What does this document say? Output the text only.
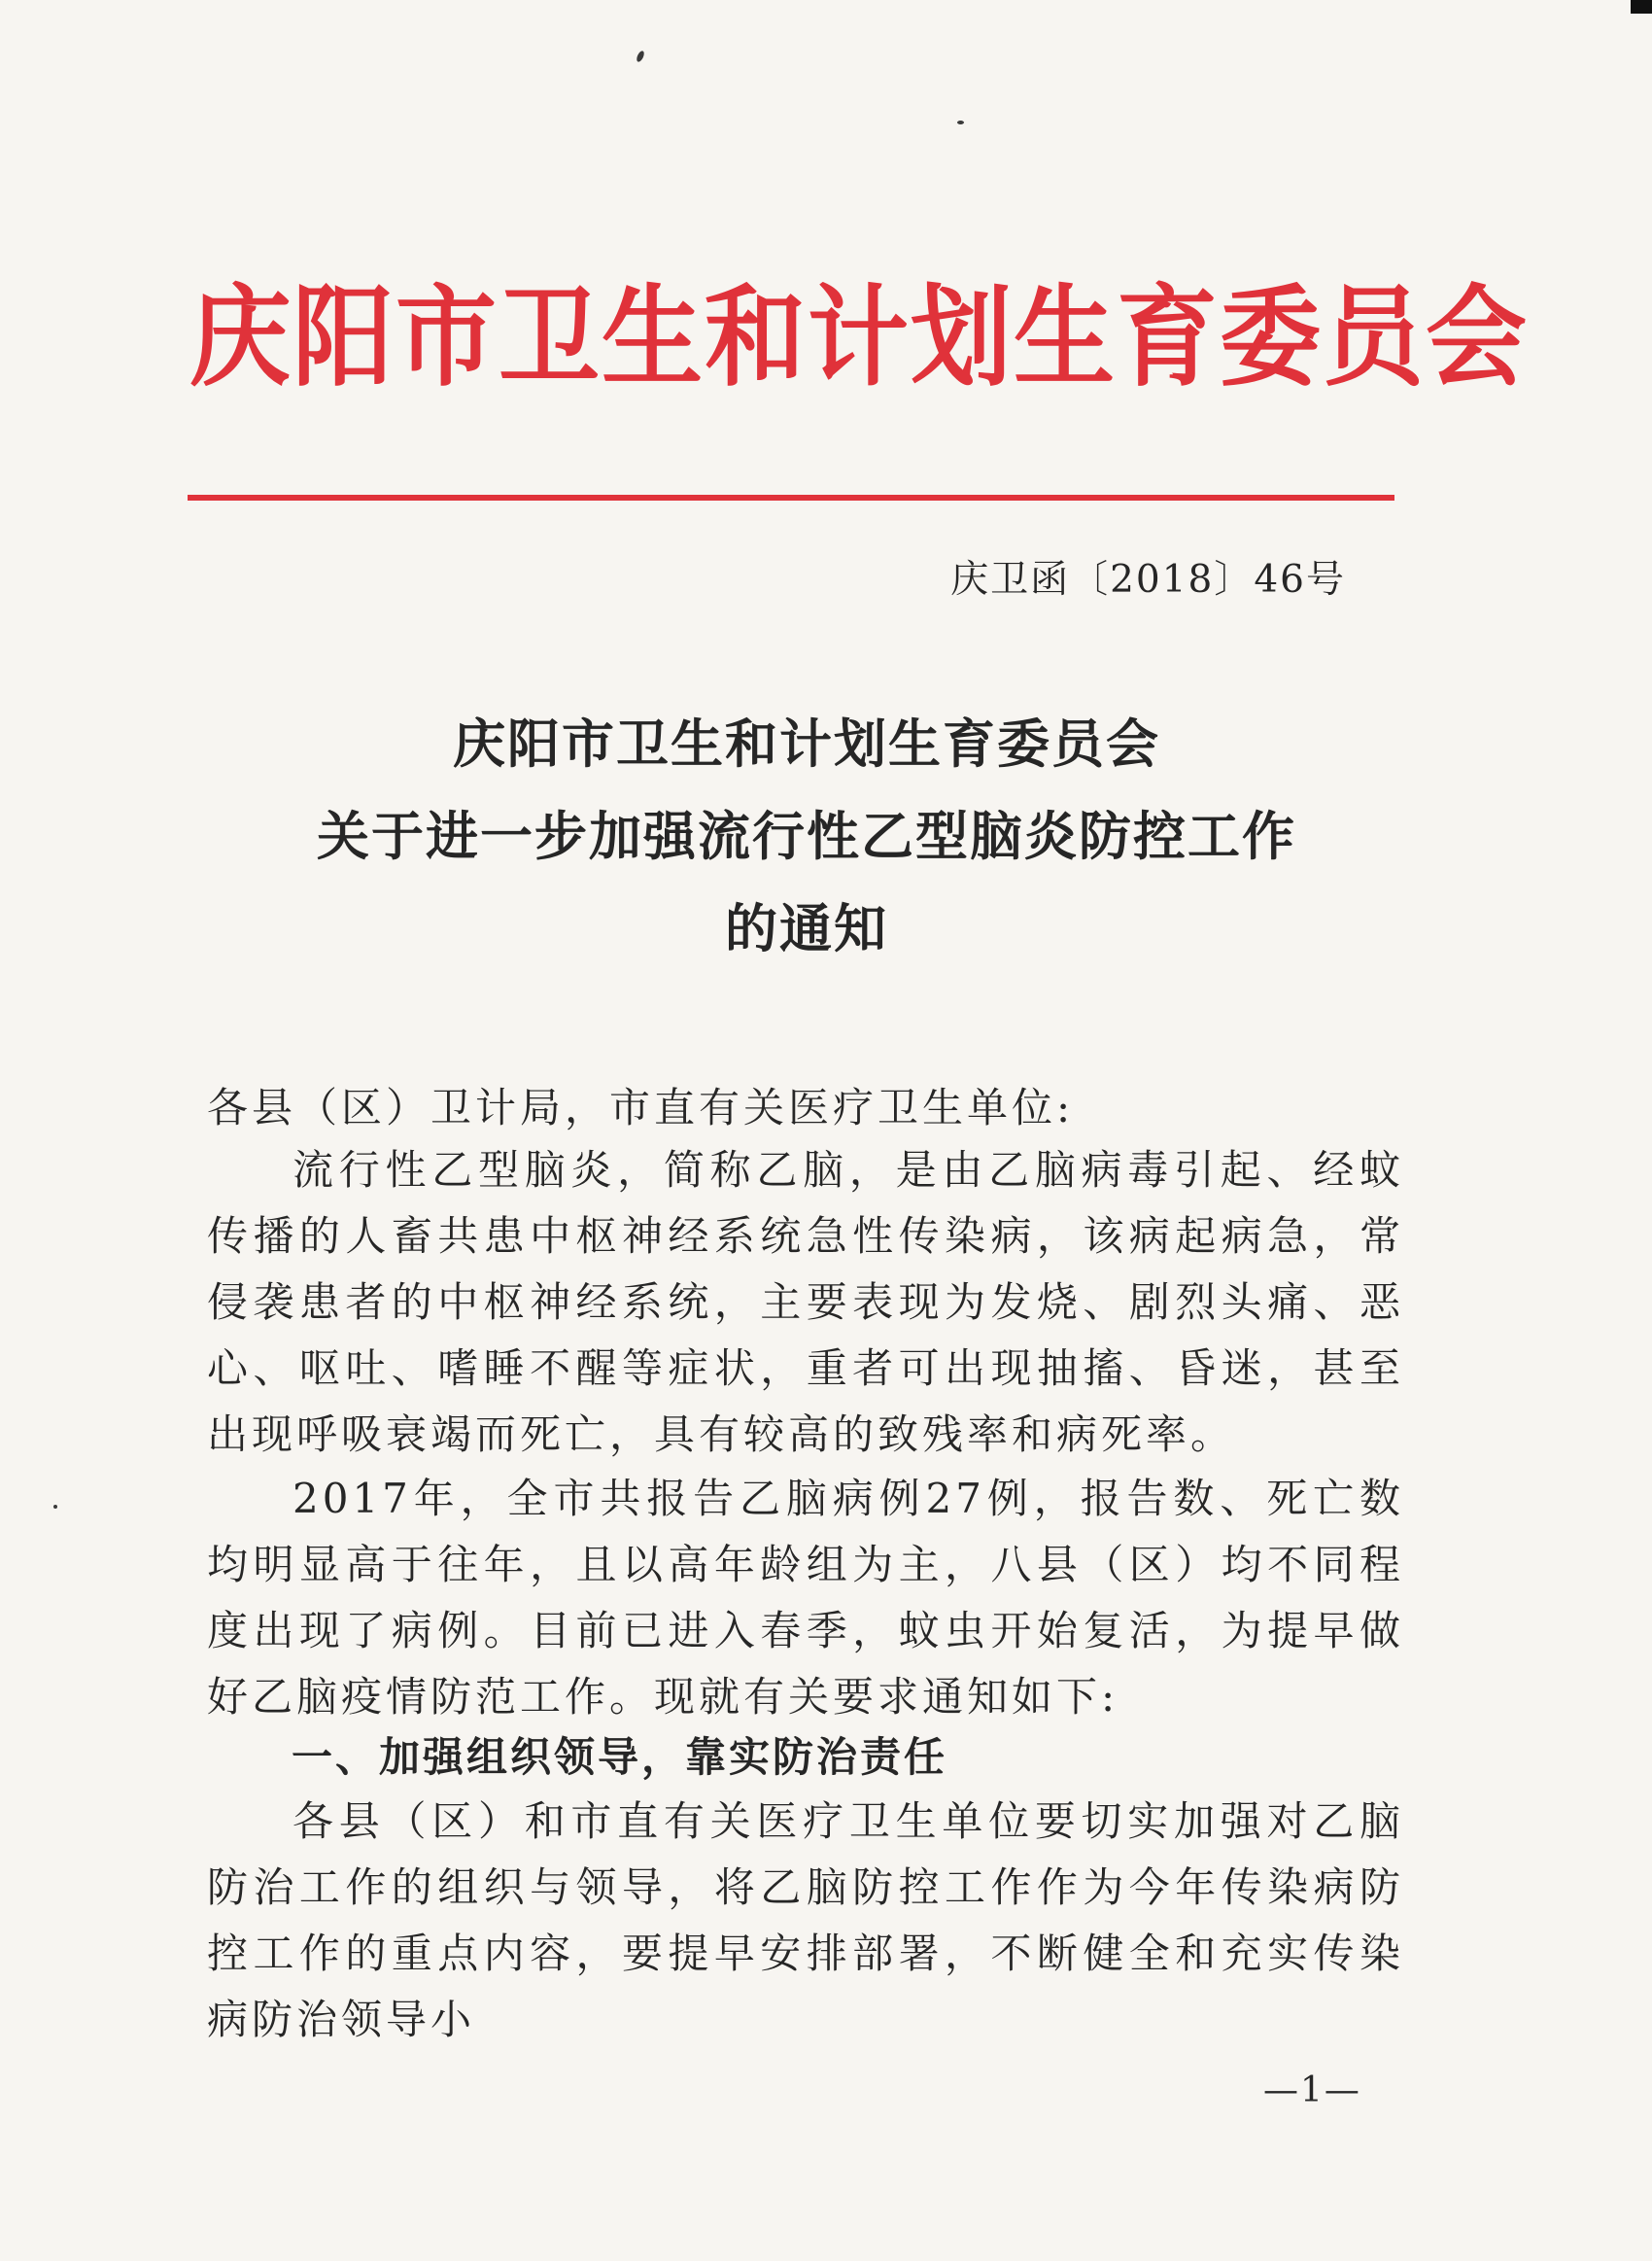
庆阳市卫生和计划生育委员会
庆卫函〔2018〕46号
庆阳市卫生和计划生育委员会
关于进一步加强流行性乙型脑炎防控工作
的通知
各县（区）卫计局，市直有关医疗卫生单位:

流行性乙型脑炎，简称乙脑，是由乙脑病毒引起、经蚊传播的人畜共患中枢神经系统急性传染病，该病起病急，常侵袭患者的中枢神经系统，主要表现为发烧、剧烈头痛、恶心、呕吐、嗜睡不醒等症状，重者可出现抽搐、昏迷，甚至出现呼吸衰竭而死亡，具有较高的致残率和病死率。

2017年，全市共报告乙脑病例27例，报告数、死亡数均明显高于往年，且以高年龄组为主，八县（区）均不同程度出现了病例。目前已进入春季，蚊虫开始复活，为提早做好乙脑疫情防范工作。现就有关要求通知如下:

一、加强组织领导，靠实防治责任

各县（区）和市直有关医疗卫生单位要切实加强对乙脑防治工作的组织与领导，将乙脑防控工作作为今年传染病防控工作的重点内容，要提早安排部署，不断健全和充实传染病防治领导小

—1—
